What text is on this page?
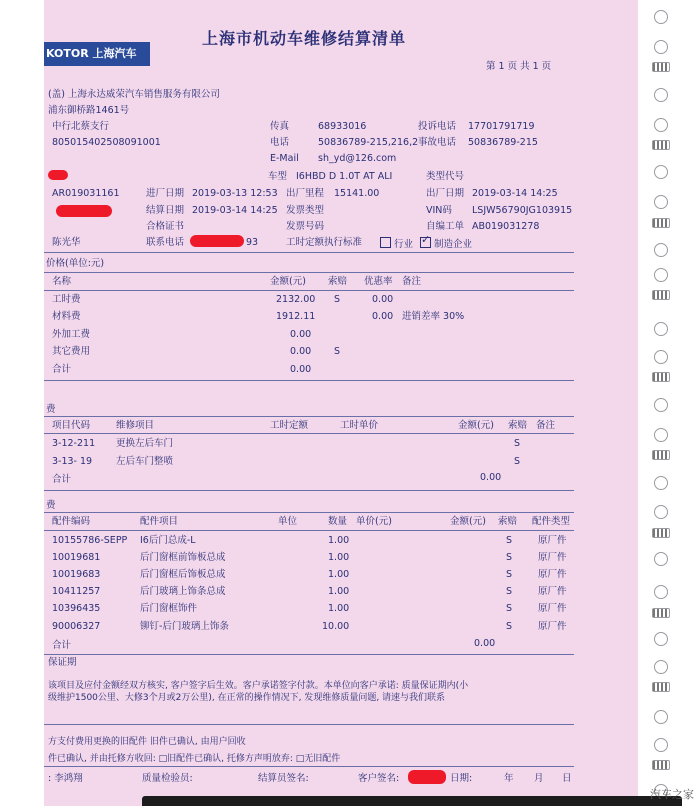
KOTOR 上海汽车
上海市机动车维修结算清单
第 1 页 共 1 页
(盖) 上海永达威荣汽车销售服务有限公司
浦东御桥路1461号
中行北蔡支行
805015402508091001
传真	68933016
电话	50836789-215,216,2
E-Mail sh_yd@126.com
投诉电话 17701791719
事故电话 50836789-215
车型 I6HBD D 1.0T AT ALI	类型代号
AR019031161	进厂日期 2019-03-13 12:53 出厂里程 15141.00	出厂日期 2019-03-14 14:25
结算日期 2019-03-14 14:25 发票类型	VIN码 LSJW56790JG103915
合格证书	发票号码	自编工单 AB019031278
陈光华	联系电话	93	工时定额执行标准	行业
✓	制造企业
价格(单位:元)
名称	金额(元) 索赔 优惠率 备注
工时费	2132.00 S	0.00
材料费	1912.11	0.00 进销差率 30%
外加工费	0.00
其它费用	0.00 S
合计	0.00
费
项目代码	维修项目	工时定额	工时单价	金额(元) 索赔 备注
3-12-211 更换左后车门	S
3-13- 19	左后车门整喷	S
合计	0.00
费
配件编码	配件项目	单位	数量 单价(元)	金额(元) 索赔 配件类型
10155786-SEPP I6后门总成-L	1.00	S	原厂件
10019681	后门窗框前饰板总成	1.00	S	原厂件
10019683	后门窗框后饰板总成	1.00	S	原厂件
10411257	后门玻璃上饰条总成	1.00	S	原厂件
10396435	后门窗框饰件	1.00	S	原厂件
90006327	铆钉-后门玻璃上饰条	10.00	S	原厂件
合计	0.00
保证期
该项目及应付金额经双方核实, 客户签字后生效。客户承诺签字付款。本单位向客户承诺: 质量保证期内(小
级维护1500公里、大修3个月或2万公里), 在正常的操作情况下, 发现维修质量问题, 请速与我们联系
方支付费用更换的旧配件 旧件已确认, 由用户回收
件已确认, 并由托修方收回: □旧配件已确认, 托修方声明放弃: □无旧配件
: 李鸿翔	质量检验员:	结算员签名:	客户签名:	日期:	年 月 日
汽车之家
